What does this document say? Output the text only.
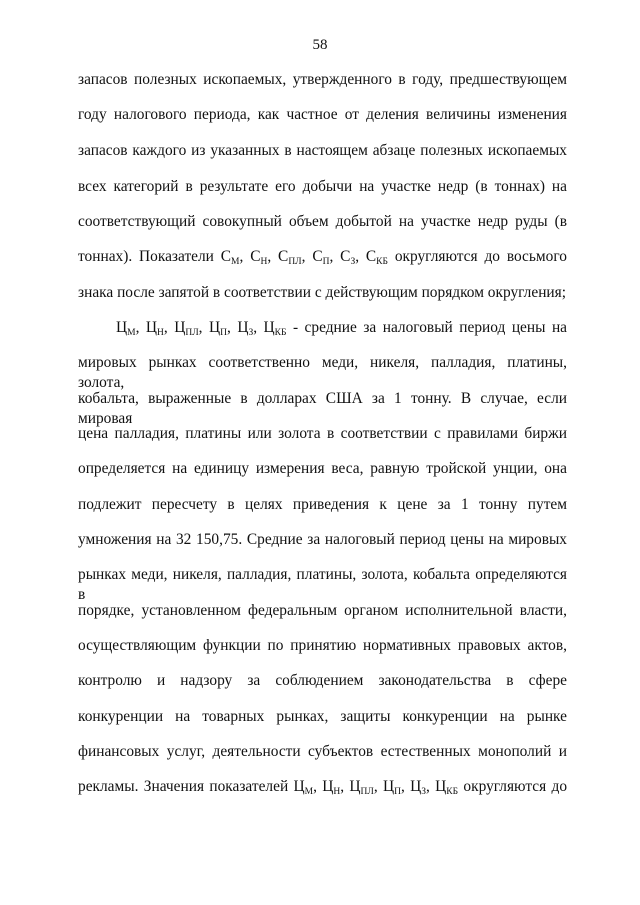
58
запасов полезных ископаемых, утвержденного в году, предшествующем
году налогового периода, как частное от деления величины изменения
запасов каждого из указанных в настоящем абзаце полезных ископаемых
всех категорий в результате его добычи на участке недр (в тоннах) на
соответствующий совокупный объем добытой на участке недр руды (в
тоннах). Показатели $С_М$, $С_Н$, $С_{ПЛ}$, $С_П$, $С_З$, $С_{КБ}$ округляются до восьмого
знака после запятой в соответствии с действующим порядком округления;
$Ц_М$, $Ц_Н$, $Ц_{ПЛ}$, $Ц_П$, $Ц_З$, $Ц_{КБ}$ - средние за налоговый период цены на
мировых рынках соответственно меди, никеля, палладия, платины, золота,
кобальта, выраженные в долларах США за 1 тонну. В случае, если мировая
цена палладия, платины или золота в соответствии с правилами биржи
определяется на единицу измерения веса, равную тройской унции, она
подлежит пересчету в целях приведения к цене за 1 тонну путем
умножения на 32 150,75. Средние за налоговый период цены на мировых
рынках меди, никеля, палладия, платины, золота, кобальта определяются в
порядке, установленном федеральным органом исполнительной власти,
осуществляющим функции по принятию нормативных правовых актов,
контролю и надзору за соблюдением законодательства в сфере
конкуренции на товарных рынках, защиты конкуренции на рынке
финансовых услуг, деятельности субъектов естественных монополий и
рекламы. Значения показателей $Ц_М$, $Ц_Н$, $Ц_{ПЛ}$, $Ц_П$, $Ц_З$, $Ц_{КБ}$ округляются до
